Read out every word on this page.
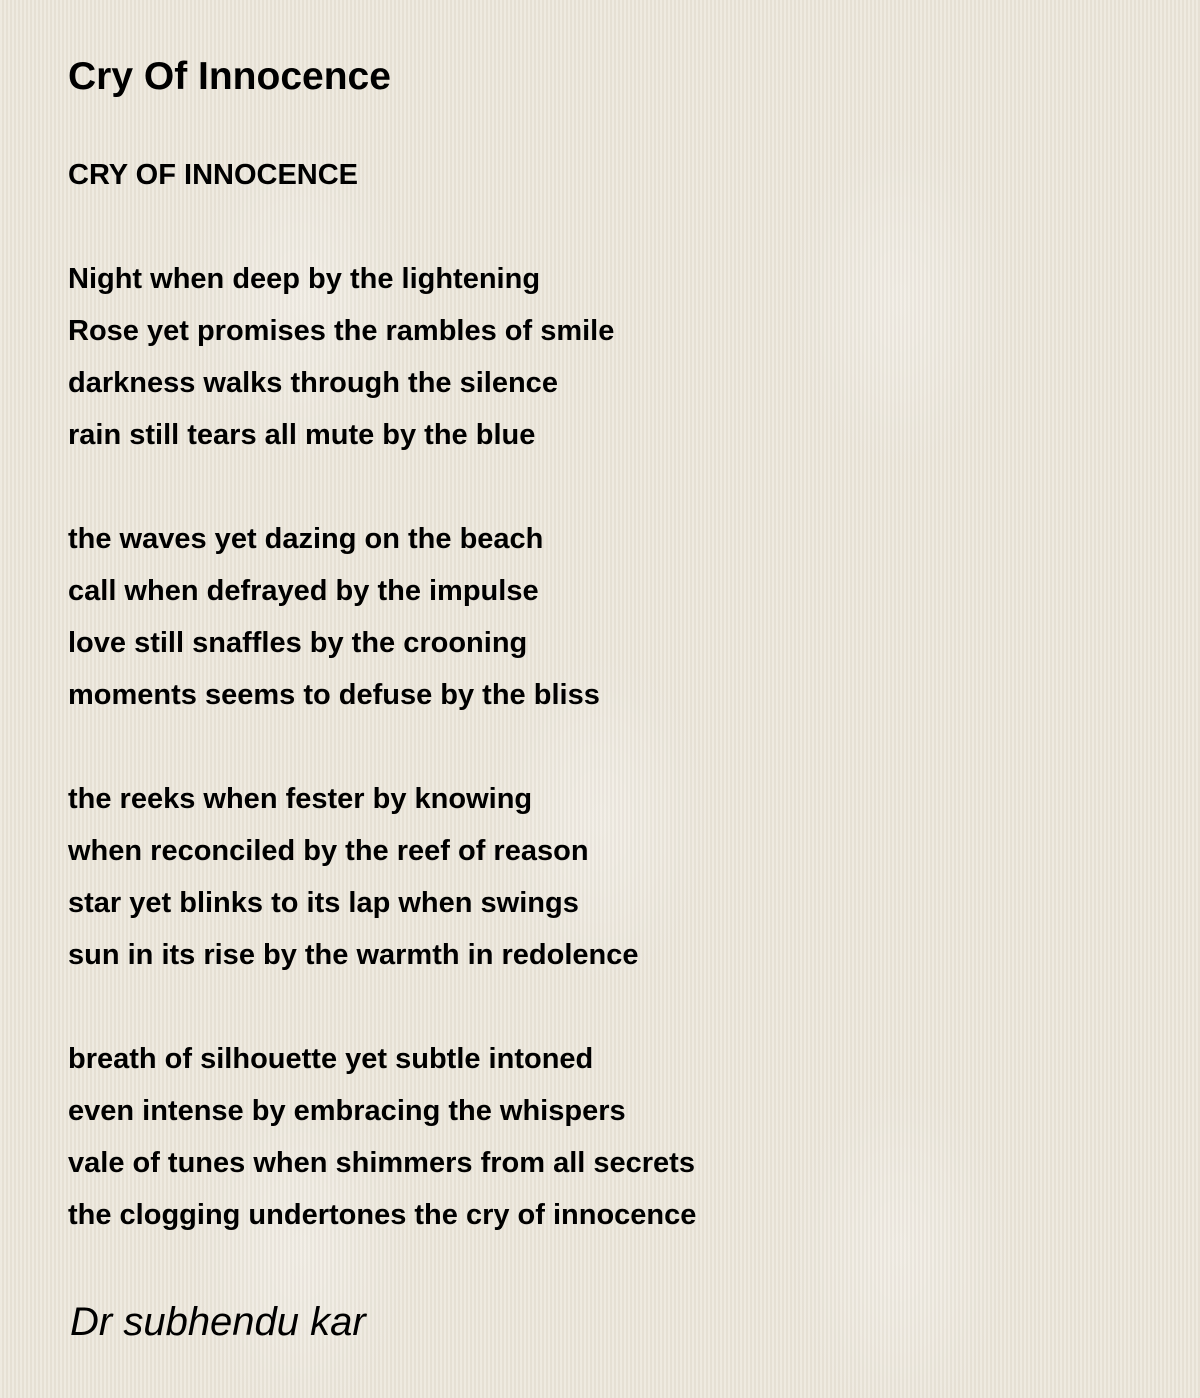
Cry Of Innocence
CRY OF INNOCENCE
Night when deep by the lightening
Rose yet promises the rambles of smile
darkness walks through the silence
rain still tears all mute by the blue
the waves yet dazing on the beach
call when defrayed by the impulse
love still snaffles by the crooning
moments seems to defuse by the bliss
the reeks when fester by knowing
when reconciled by the reef of reason
star yet blinks to its lap when swings
sun in its rise by the warmth in redolence
breath of silhouette yet subtle intoned
even intense by embracing the whispers
vale of tunes when shimmers from all secrets
the clogging undertones the cry of innocence
Dr subhendu kar
